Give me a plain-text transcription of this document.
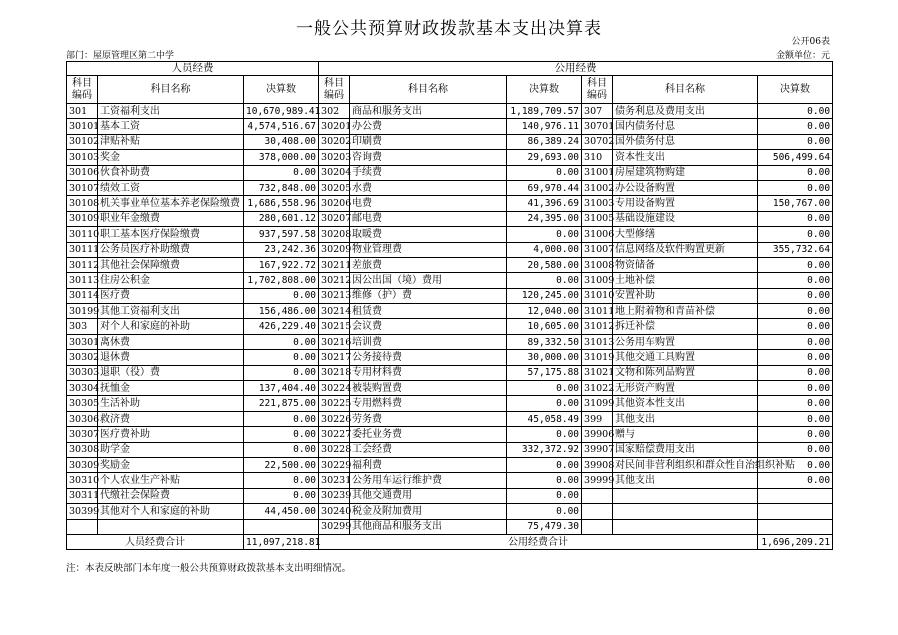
一般公共预算财政拨款基本支出决算表
公开06表
部门：屋原管理区第二中学	金额单位：元
人员经费			公用经费					
科目
编码	科目名称	决算数	科目
编码	科目名称	决算数	科目
编码	科目名称	决算数
301	工资福利支出	10,670,989.41	302	商品和服务支出	1,189,709.57	307	债务利息及费用支出	0.00
30101	基本工资	4,574,516.67	30201	办公费	140,976.11	30701	国内债务付息	0.00
30102	津贴补贴	30,408.00	30202	印刷费	86,389.24	30702	国外债务付息	0.00
30103	奖金	378,000.00	30203	咨询费	29,693.00	310	资本性支出	506,499.64
30106	伙食补助费	0.00	30204	手续费	0.00	31001	房屋建筑物购建	0.00
30107	绩效工资	732,848.00	30205	水费	69,970.44	31002	办公设备购置	0.00
30108	机关事业单位基本养老保险缴费	1,686,558.96	30206	电费	41,396.69	31003	专用设备购置	150,767.00
30109	职业年金缴费	280,601.12	30207	邮电费	24,395.00	31005	基础设施建设	0.00
30110	职工基本医疗保险缴费	937,597.58	30208	取暖费	0.00	31006	大型修缮	0.00
30111	公务员医疗补助缴费	23,242.36	30209	物业管理费	4,000.00	31007	信息网络及软件购置更新	355,732.64
30112	其他社会保障缴费	167,922.72	30211	差旅费	20,580.00	31008	物资储备	0.00
30113	住房公积金	1,702,808.00	30212	因公出国（境）费用	0.00	31009	土地补偿	0.00
30114	医疗费	0.00	30213	维修（护）费	120,245.00	31010	安置补助	0.00
30199	其他工资福利支出	156,486.00	30214	租赁费	12,040.00	31011	地上附着物和青苗补偿	0.00
303	对个人和家庭的补助	426,229.40	30215	会议费	10,605.00	31012	拆迁补偿	0.00
30301	离休费	0.00	30216	培训费	89,332.50	31013	公务用车购置	0.00
30302	退休费	0.00	30217	公务接待费	30,000.00	31019	其他交通工具购置	0.00
30303	退职（役）费	0.00	30218	专用材料费	57,175.88	31021	文物和陈列品购置	0.00
30304	抚恤金	137,404.40	30224	被装购置费	0.00	31022	无形资产购置	0.00
30305	生活补助	221,875.00	30225	专用燃料费	0.00	31099	其他资本性支出	0.00
30306	救济费	0.00	30226	劳务费	45,058.49	399	其他支出	0.00
30307	医疗费补助	0.00	30227	委托业务费	0.00	39906	赠与	0.00
30308	助学金	0.00	30228	工会经费	332,372.92	39907	国家赔偿费用支出	0.00
30309	奖励金	22,500.00	30229	福利费	0.00	39908	对民间非营利组织和群众性自治组织补贴	0.00
30310	个人农业生产补贴	0.00	30231	公务用车运行维护费	0.00	39999	其他支出	0.00
30311	代缴社会保险费	0.00	30239	其他交通费用	0.00			
30399	其他对个人和家庭的补助	44,450.00	30240	税金及附加费用	0.00			
			30299	其他商品和服务支出	75,479.30			
人员经费合计		11,097,218.81	公用经费合计					1,696,209.21
注：本表反映部门本年度一般公共预算财政拨款基本支出明细情况。
